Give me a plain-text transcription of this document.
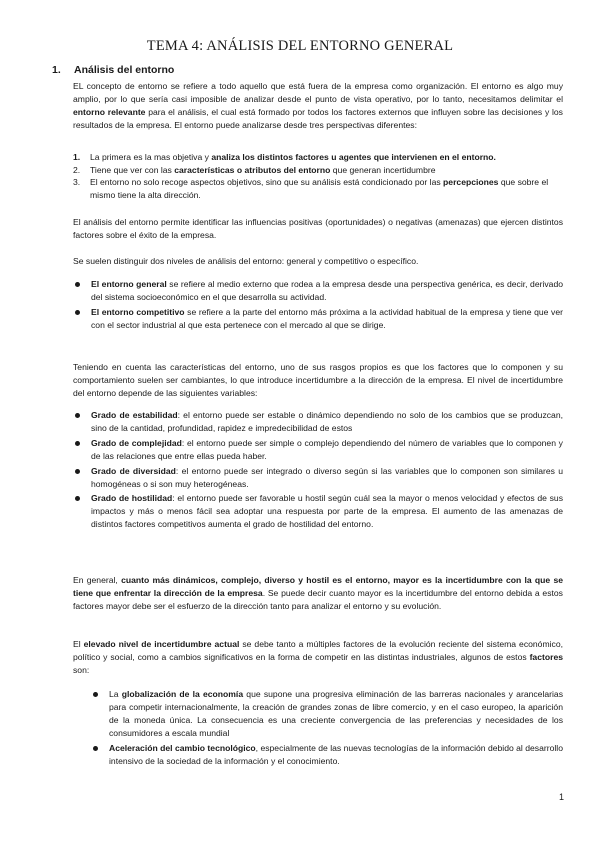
TEMA 4: ANÁLISIS DEL ENTORNO GENERAL
1. Análisis del entorno

EL concepto de entorno se refiere a todo aquello que está fuera de la empresa como organización. El entorno es algo muy amplio, por lo que sería casi imposible de analizar desde el punto de vista operativo, por lo tanto, necesitamos delimitar el entorno relevante para el análisis, el cual está formado por todos los factores externos que influyen sobre las decisiones y los resultados de la empresa. El entorno puede analizarse desde tres perspectivas diferentes:

1. La primera es la mas objetiva y analiza los distintos factores u agentes que intervienen en el entorno.
2. Tiene que ver con las características o atributos del entorno que generan incertidumbre
3. El entorno no solo recoge aspectos objetivos, sino que su análisis está condicionado por las percepciones que sobre el mismo tiene la alta dirección.

El análisis del entorno permite identificar las influencias positivas (oportunidades) o negativas (amenazas) que ejercen distintos factores sobre el éxito de la empresa.

Se suelen distinguir dos niveles de análisis del entorno: general y competitivo o específico.

El entorno general se refiere al medio externo que rodea a la empresa desde una perspectiva genérica, es decir, derivado del sistema socioeconómico en el que desarrolla su actividad.
El entorno competitivo se refiere a la parte del entorno más próxima a la actividad habitual de la empresa y tiene que ver con el sector industrial al que esta pertenece con el mercado al que se dirige.

Teniendo en cuenta las características del entorno, uno de sus rasgos propios es que los factores que lo componen y su comportamiento suelen ser cambiantes, lo que introduce incertidumbre a la dirección de la empresa. El nivel de incertidumbre del entorno depende de las siguientes variables:

Grado de estabilidad: el entorno puede ser estable o dinámico dependiendo no solo de los cambios que se produzcan, sino de la cantidad, profundidad, rapidez e impredecibilidad de estos
Grado de complejidad: el entorno puede ser simple o complejo dependiendo del número de variables que lo componen y de las relaciones que entre ellas pueda haber.
Grado de diversidad: el entorno puede ser integrado o diverso según si las variables que lo componen son similares u homogéneas o si son muy heterogéneas.
Grado de hostilidad: el entorno puede ser favorable u hostil según cuál sea la mayor o menos velocidad y efectos de sus impactos y más o menos fácil sea adoptar una respuesta por parte de la empresa. El aumento de las amenazas de distintos factores competitivos aumenta el grado de hostilidad del entorno.

En general, cuanto más dinámicos, complejo, diverso y hostil es el entorno, mayor es la incertidumbre con la que se tiene que enfrentar la dirección de la empresa. Se puede decir cuanto mayor es la incertidumbre del entorno debida a estos factores mayor debe ser el esfuerzo de la dirección tanto para analizar el entorno y su evolución.

El elevado nivel de incertidumbre actual se debe tanto a múltiples factores de la evolución reciente del sistema económico, político y social, como a cambios significativos en la forma de competir en las distintas industriales, algunos de estos factores son:

La globalización de la economía que supone una progresiva eliminación de las barreras nacionales y arancelarias para competir internacionalmente, la creación de grandes zonas de libre comercio, y en el caso europeo, la aparición de la moneda única. La consecuencia es una creciente convergencia de las preferencias y necesidades de los consumidores a escala mundial
Aceleración del cambio tecnológico, especialmente de las nuevas tecnologías de la información debido al desarrollo intensivo de la sociedad de la información y el conocimiento.
1
